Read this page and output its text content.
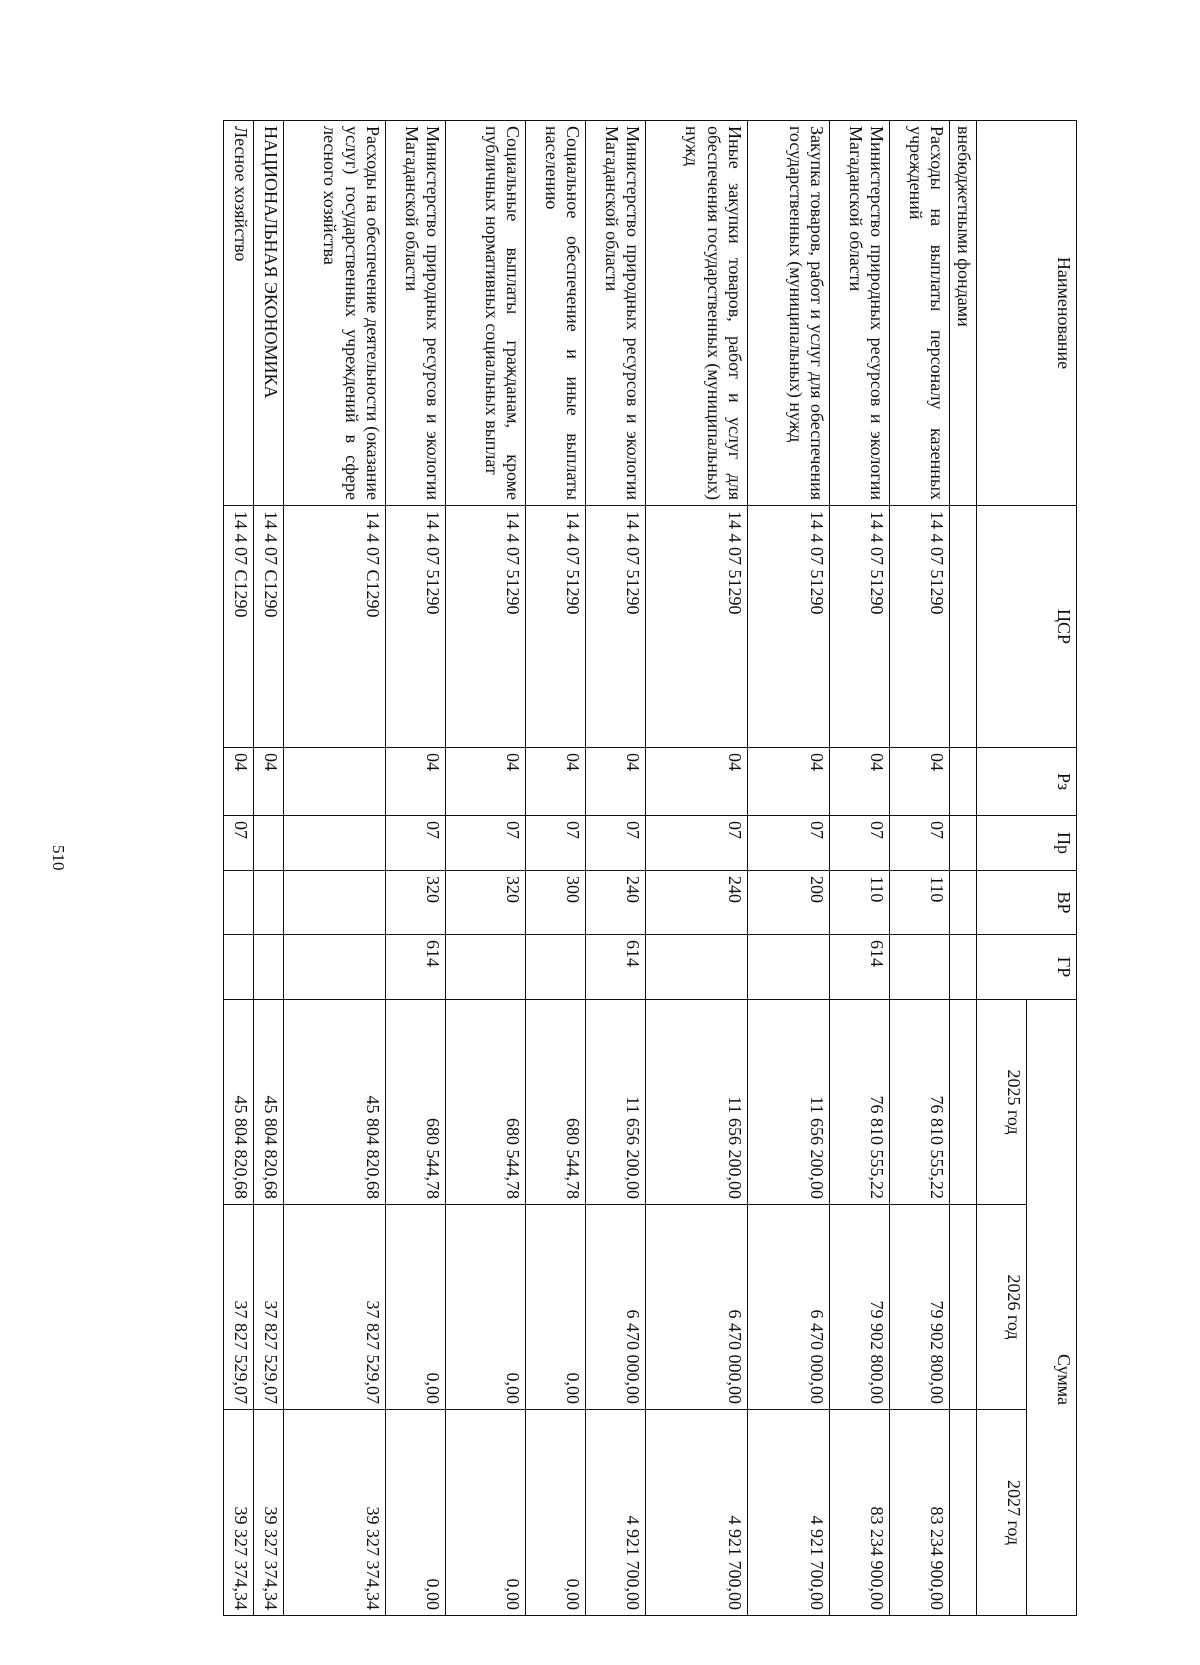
510
Наименование	ЦСР	Рз	Пр	ВР	ГР	Сумма		
						2025 год	2026 год	2027 год
внебюджетными фондами								
Расходы на выплаты персоналу казенных учреждений	14 4 07 51290	04	07	110		76 810 555,22	79 902 800,00	83 234 900,00
Министерство природных ресурсов и экологии Магаданской области	14 4 07 51290	04	07	110	614	76 810 555,22	79 902 800,00	83 234 900,00
Закупка товаров, работ и услуг для обеспечения государственных (муниципальных) нужд	14 4 07 51290	04	07	200		11 656 200,00	6 470 000,00	4 921 700,00
Иные закупки товаров, работ и услуг для обеспечения государственных (муниципальных) нужд	14 4 07 51290	04	07	240		11 656 200,00	6 470 000,00	4 921 700,00
Министерство природных ресурсов и экологии Магаданской области	14 4 07 51290	04	07	240	614	11 656 200,00	6 470 000,00	4 921 700,00
Социальное обеспечение и иные выплаты населению	14 4 07 51290	04	07	300		680 544,78	0,00	0,00
Социальные выплаты гражданам, кроме публичных нормативных социальных выплат	14 4 07 51290	04	07	320		680 544,78	0,00	0,00
Министерство природных ресурсов и экологии Магаданской области	14 4 07 51290	04	07	320	614	680 544,78	0,00	0,00
Расходы на обеспечение деятельности (оказание услуг) государственных учреждений в сфере лесного хозяйства	14 4 07 С1290					45 804 820,68	37 827 529,07	39 327 374,34
НАЦИОНАЛЬНАЯ ЭКОНОМИКА	14 4 07 С1290	04				45 804 820,68	37 827 529,07	39 327 374,34
Лесное хозяйство	14 4 07 С1290	04	07			45 804 820,68	37 827 529,07	39 327 374,34
